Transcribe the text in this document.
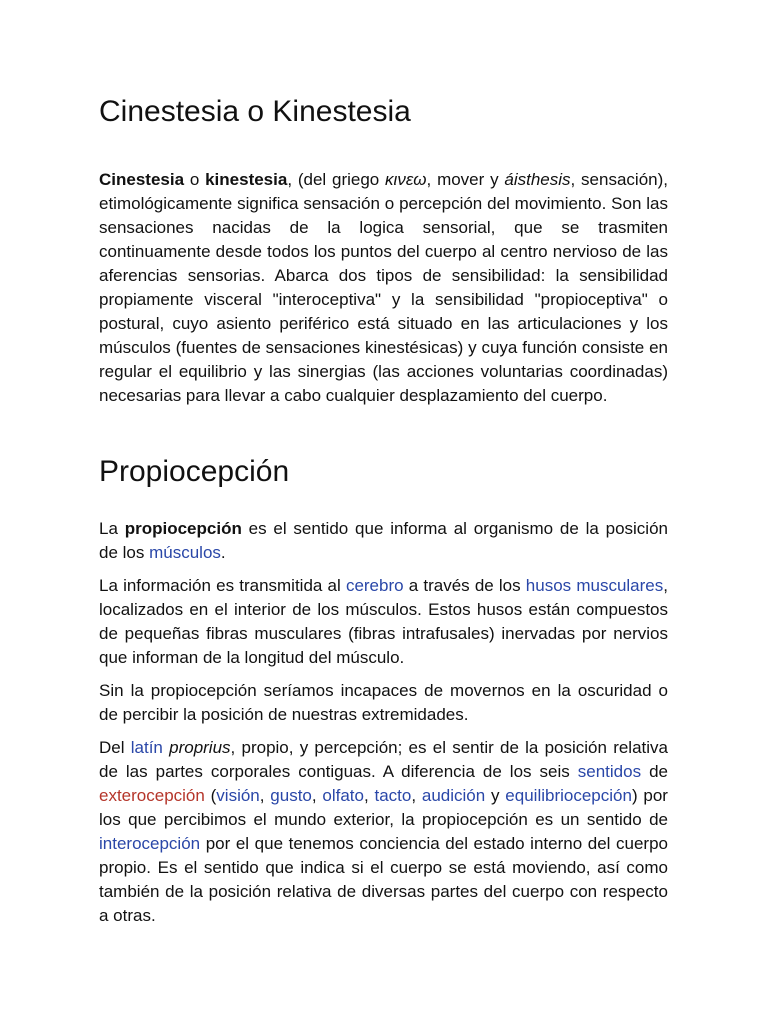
Cinestesia o Kinestesia

Cinestesia o kinestesia, (del griego κινεω, mover y áisthesis, sensación), etimológicamente significa sensación o percepción del movimiento. Son las sensaciones nacidas de la logica sensorial, que se trasmiten continuamente desde todos los puntos del cuerpo al centro nervioso de las aferencias sensorias. Abarca dos tipos de sensibilidad: la sensibilidad propiamente visceral "interoceptiva" y la sensibilidad "propioceptiva" o postural, cuyo asiento periférico está situado en las articulaciones y los músculos (fuentes de sensaciones kinestésicas) y cuya función consiste en regular el equilibrio y las sinergias (las acciones voluntarias coordinadas) necesarias para llevar a cabo cualquier desplazamiento del cuerpo.

Propiocepción

La propiocepción es el sentido que informa al organismo de la posición de los músculos.

La información es transmitida al cerebro a través de los husos musculares, localizados en el interior de los músculos. Estos husos están compuestos de pequeñas fibras musculares (fibras intrafusales) inervadas por nervios que informan de la longitud del músculo.

Sin la propiocepción seríamos incapaces de movernos en la oscuridad o de percibir la posición de nuestras extremidades.

Del latín proprius, propio, y percepción; es el sentir de la posición relativa de las partes corporales contiguas. A diferencia de los seis sentidos de exterocepción (visión, gusto, olfato, tacto, audición y equilibriocepción) por los que percibimos el mundo exterior, la propiocepción es un sentido de interocepción por el que tenemos conciencia del estado interno del cuerpo propio. Es el sentido que indica si el cuerpo se está moviendo, así como también de la posición relativa de diversas partes del cuerpo con respecto a otras.
